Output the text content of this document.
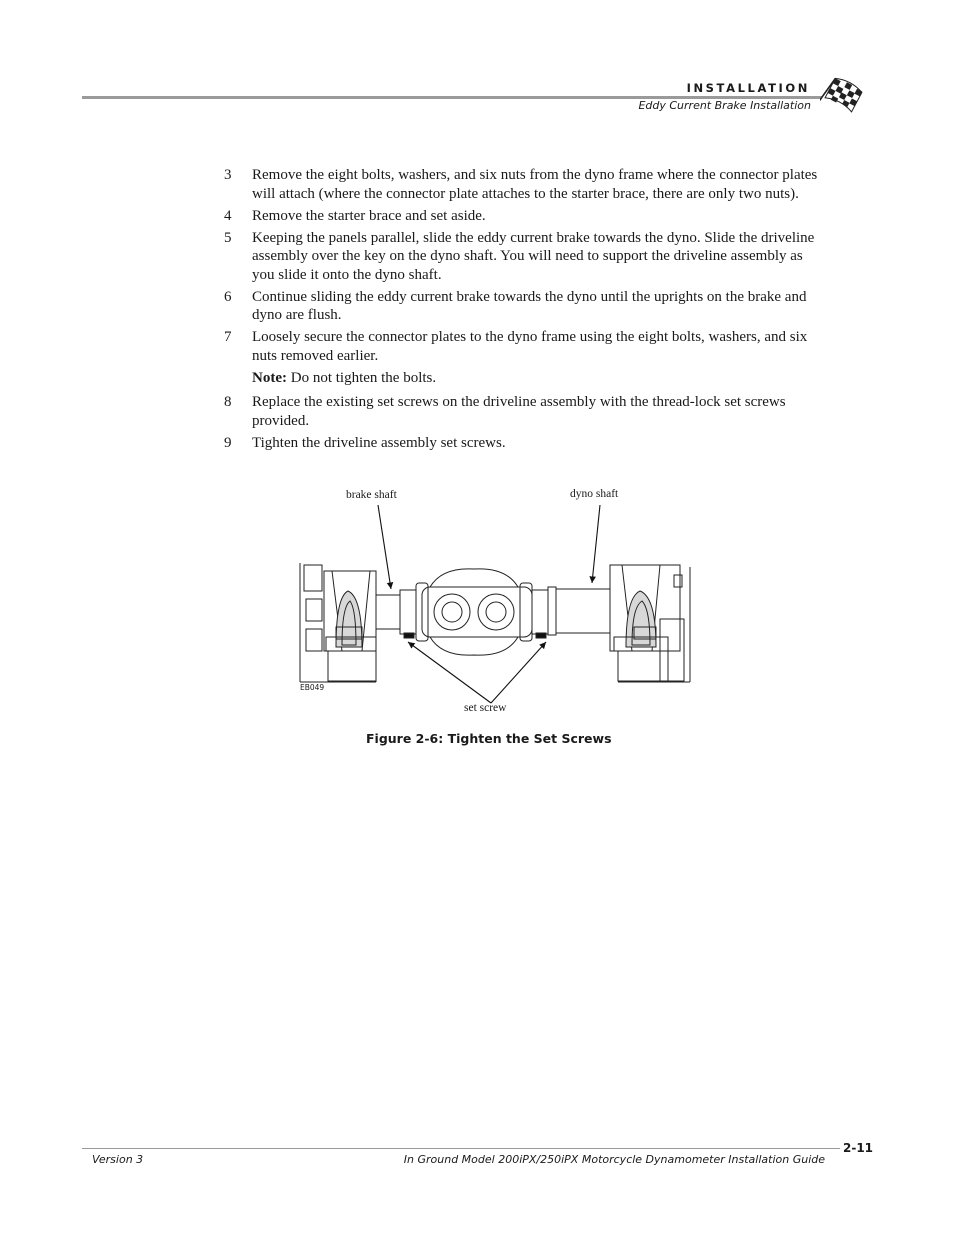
INSTALLATION
Eddy Current Brake Installation
3	Remove the eight bolts, washers, and six nuts from the dyno frame where the connector plates will attach (where the connector plate attaches to the starter brace, there are only two nuts).
4	Remove the starter brace and set aside.
5	Keeping the panels parallel, slide the eddy current brake towards the dyno. Slide the driveline assembly over the key on the dyno shaft. You will need to support the driveline assembly as you slide it onto the dyno shaft.
6	Continue sliding the eddy current brake towards the dyno until the uprights on the brake and dyno are flush.
7	Loosely secure the connector plates to the dyno frame using the eight bolts, washers, and six nuts removed earlier.
Note: Do not tighten the bolts.
8	Replace the existing set screws on the driveline assembly with the thread-lock set screws provided.
9	Tighten the driveline assembly set screws.
brake shaft	dyno shaft
set screw
EB049
Figure 2-6: Tighten the Set Screws
2-11
Version 3	In Ground Model 200iPX/250iPX Motorcycle Dynamometer Installation Guide
